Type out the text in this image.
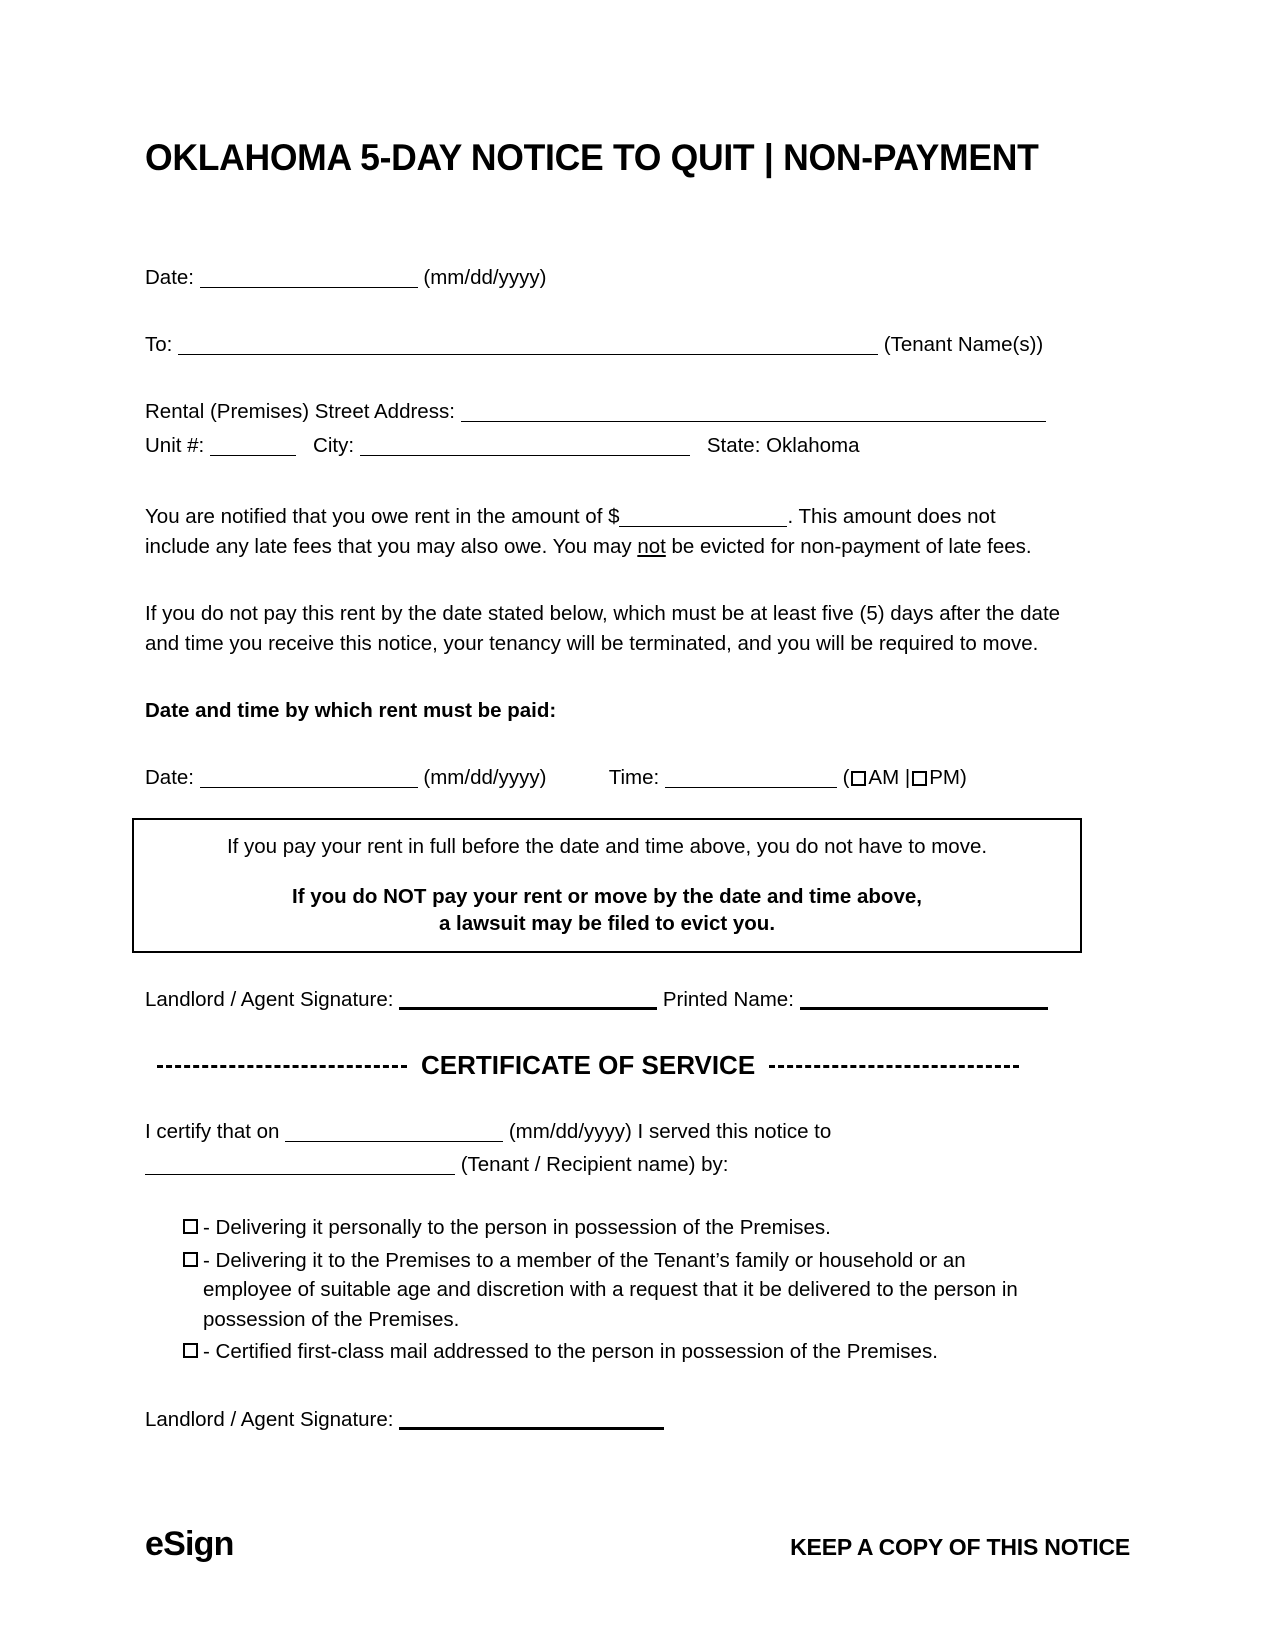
OKLAHOMA 5-DAY NOTICE TO QUIT | NON-PAYMENT
Date:	(mm/dd/yyyy)
To:	(Tenant Name(s))
Rental (Premises) Street Address:
Unit #:	City:	State: Oklahoma
You are notified that you owe rent in the amount of $	. This amount does not
include any late fees that you may also owe. You may not be evicted for non-payment of late fees.
If you do not pay this rent by the date stated below, which must be at least five (5) days after the date and time you receive this notice, your tenancy will be terminated, and you will be required to move.
Date and time by which rent must be paid:
Date:	(mm/dd/yyyy)	Time:	( AM | PM)
If you pay your rent in full before the date and time above, you do not have to move.
If you do NOT pay your rent or move by the date and time above,
a lawsuit may be filed to evict you.
Landlord / Agent Signature:	Printed Name:
CERTIFICATE OF SERVICE
I certify that on	(mm/dd/yyyy) I served this notice to
(Tenant / Recipient name) by:
- Delivering it personally to the person in possession of the Premises.
- Delivering it to the Premises to a member of the Tenant’s family or household or an employee of suitable age and discretion with a request that it be delivered to the person in possession of the Premises.
- Certified first-class mail addressed to the person in possession of the Premises.
Landlord / Agent Signature:
eSign	KEEP A COPY OF THIS NOTICE
